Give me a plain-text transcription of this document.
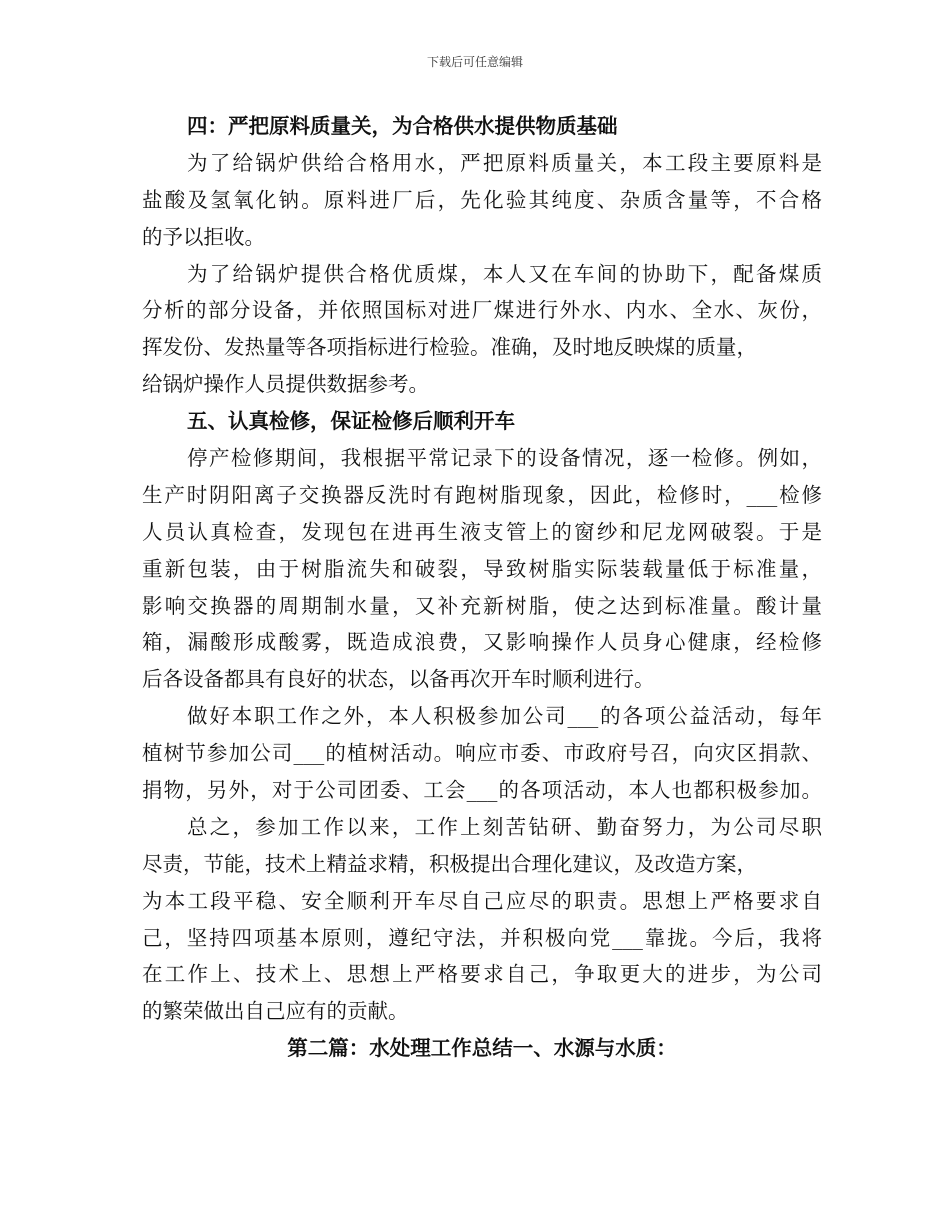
下载后可任意编辑
四：严把原料质量关，为合格供水提供物质基础
为了给锅炉供给合格用水，严把原料质量关，本工段主要原料是
盐酸及氢氧化钠。原料进厂后，先化验其纯度、杂质含量等，不合格
的予以拒收。
为了给锅炉提供合格优质煤，本人又在车间的协助下，配备煤质
分析的部分设备，并依照国标对进厂煤进行外水、内水、全水、灰份，
挥发份、发热量等各项指标进行检验。准确，及时地反映煤的质量，
给锅炉操作人员提供数据参考。
五、认真检修，保证检修后顺利开车
停产检修期间，我根据平常记录下的设备情况，逐一检修。例如，
生产时阴阳离子交换器反洗时有跑树脂现象，因此，检修时，___检修
人员认真检查，发现包在进再生液支管上的窗纱和尼龙网破裂。于是
重新包装，由于树脂流失和破裂，导致树脂实际装载量低于标准量，
影响交换器的周期制水量，又补充新树脂，使之达到标准量。酸计量
箱，漏酸形成酸雾，既造成浪费，又影响操作人员身心健康，经检修
后各设备都具有良好的状态，以备再次开车时顺利进行。
做好本职工作之外，本人积极参加公司___的各项公益活动，每年
植树节参加公司___的植树活动。响应市委、市政府号召，向灾区捐款、
捐物，另外，对于公司团委、工会___的各项活动，本人也都积极参加。
总之，参加工作以来，工作上刻苦钻研、勤奋努力，为公司尽职
尽责，节能，技术上精益求精，积极提出合理化建议，及改造方案，
为本工段平稳、安全顺利开车尽自己应尽的职责。思想上严格要求自
己，坚持四项基本原则，遵纪守法，并积极向党___靠拢。今后，我将
在工作上、技术上、思想上严格要求自己，争取更大的进步，为公司
的繁荣做出自己应有的贡献。
第二篇：水处理工作总结一、水源与水质：
